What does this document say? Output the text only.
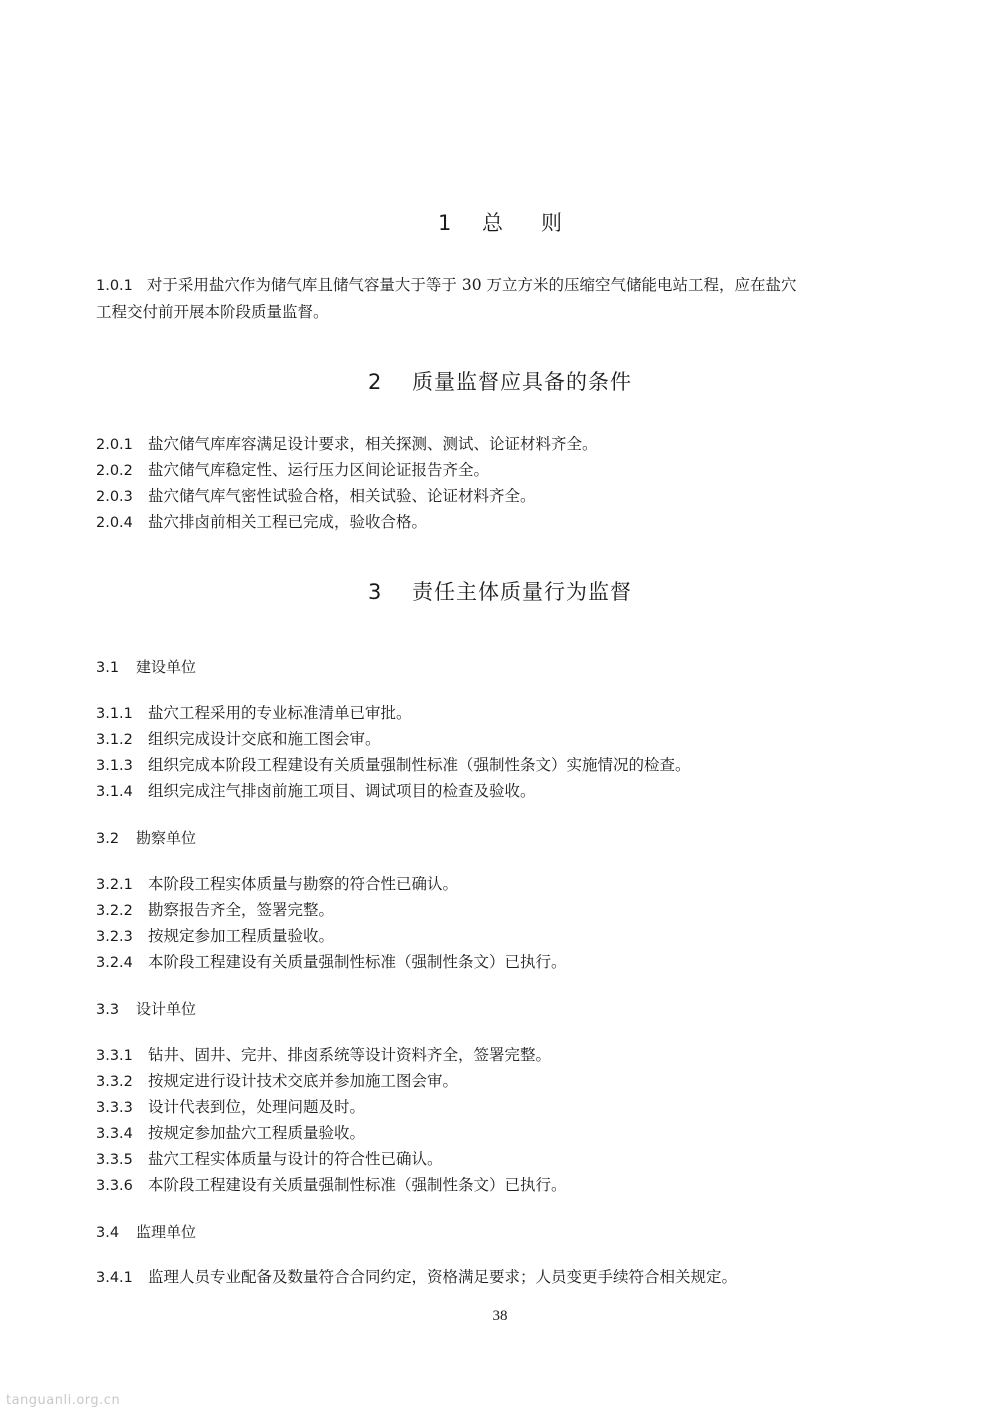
1 总则
1.0.1 对于采用盐穴作为储气库且储气容量大于等于 30 万立方米的压缩空气储能电站工程，应在盐穴
工程交付前开展本阶段质量监督。
2 质量监督应具备的条件
2.0.1 盐穴储气库库容满足设计要求，相关探测、测试、论证材料齐全。
2.0.2 盐穴储气库稳定性、运行压力区间论证报告齐全。
2.0.3 盐穴储气库气密性试验合格，相关试验、论证材料齐全。
2.0.4 盐穴排卤前相关工程已完成，验收合格。
3 责任主体质量行为监督
3.1 建设单位
3.1.1 盐穴工程采用的专业标准清单已审批。
3.1.2 组织完成设计交底和施工图会审。
3.1.3 组织完成本阶段工程建设有关质量强制性标准（强制性条文）实施情况的检查。
3.1.4 组织完成注气排卤前施工项目、调试项目的检查及验收。
3.2 勘察单位
3.2.1 本阶段工程实体质量与勘察的符合性已确认。
3.2.2 勘察报告齐全，签署完整。
3.2.3 按规定参加工程质量验收。
3.2.4 本阶段工程建设有关质量强制性标准（强制性条文）已执行。
3.3 设计单位
3.3.1 钻井、固井、完井、排卤系统等设计资料齐全，签署完整。
3.3.2 按规定进行设计技术交底并参加施工图会审。
3.3.3 设计代表到位，处理问题及时。
3.3.4 按规定参加盐穴工程质量验收。
3.3.5 盐穴工程实体质量与设计的符合性已确认。
3.3.6 本阶段工程建设有关质量强制性标准（强制性条文）已执行。
3.4 监理单位
3.4.1 监理人员专业配备及数量符合合同约定，资格满足要求；人员变更手续符合相关规定。
38
tanguanli.org.cn
